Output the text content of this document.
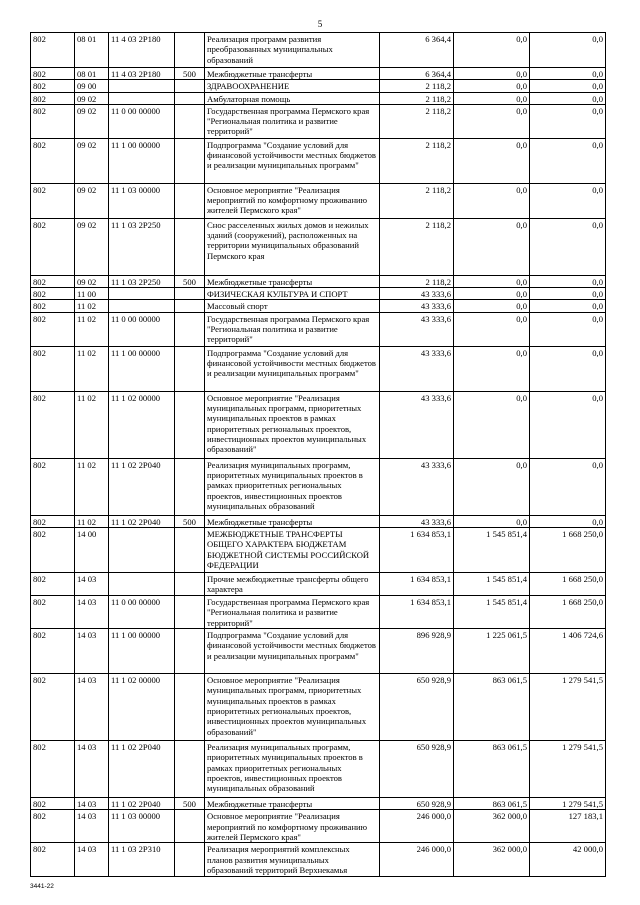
5
802	08 01	11 4 03 2Р180		Реализация программ развития преобразованных муниципальных образований	6 364,4	0,0	0,0
802	08 01	11 4 03 2Р180	500	Межбюджетные трансферты	6 364,4	0,0	0,0
802	09 00			ЗДРАВООХРАНЕНИЕ	2 118,2	0,0	0,0
802	09 02			Амбулаторная помощь	2 118,2	0,0	0,0
802	09 02	11 0 00 00000		Государственная программа Пермского края "Региональная политика и развитие территорий"	2 118,2	0,0	0,0
802	09 02	11 1 00 00000		Подпрограмма "Создание условий для финансовой устойчивости местных бюджетов и реализации муниципальных программ"	2 118,2	0,0	0,0
802	09 02	11 1 03 00000		Основное мероприятие "Реализация мероприятий по комфортному проживанию жителей Пермского края"	2 118,2	0,0	0,0
802	09 02	11 1 03 2Р250		Снос расселенных жилых домов и нежилых зданий (сооружений), расположенных на территории муниципальных образований Пермского края	2 118,2	0,0	0,0
802	09 02	11 1 03 2Р250	500	Межбюджетные трансферты	2 118,2	0,0	0,0
802	11 00			ФИЗИЧЕСКАЯ КУЛЬТУРА И СПОРТ	43 333,6	0,0	0,0
802	11 02			Массовый спорт	43 333,6	0,0	0,0
802	11 02	11 0 00 00000		Государственная программа Пермского края "Региональная политика и развитие территорий"	43 333,6	0,0	0,0
802	11 02	11 1 00 00000		Подпрограмма "Создание условий для финансовой устойчивости местных бюджетов и реализации муниципальных программ"	43 333,6	0,0	0,0
802	11 02	11 1 02 00000		Основное мероприятие "Реализация муниципальных программ, приоритетных муниципальных проектов в рамках приоритетных региональных проектов, инвестиционных проектов муниципальных образований"	43 333,6	0,0	0,0
802	11 02	11 1 02 2Р040		Реализация муниципальных программ, приоритетных муниципальных проектов в рамках приоритетных региональных проектов, инвестиционных проектов муниципальных образований	43 333,6	0,0	0,0
802	11 02	11 1 02 2Р040	500	Межбюджетные трансферты	43 333,6	0,0	0,0
802	14 00			МЕЖБЮДЖЕТНЫЕ ТРАНСФЕРТЫ ОБЩЕГО ХАРАКТЕРА БЮДЖЕТАМ БЮДЖЕТНОЙ СИСТЕМЫ РОССИЙСКОЙ ФЕДЕРАЦИИ	1 634 853,1	1 545 851,4	1 668 250,0
802	14 03			Прочие межбюджетные трансферты общего характера	1 634 853,1	1 545 851,4	1 668 250,0
802	14 03	11 0 00 00000		Государственная программа Пермского края "Региональная политика и развитие территорий"	1 634 853,1	1 545 851,4	1 668 250,0
802	14 03	11 1 00 00000		Подпрограмма "Создание условий для финансовой устойчивости местных бюджетов и реализации муниципальных программ"	896 928,9	1 225 061,5	1 406 724,6
802	14 03	11 1 02 00000		Основное мероприятие "Реализация муниципальных программ, приоритетных муниципальных проектов в рамках приоритетных региональных проектов, инвестиционных проектов муниципальных образований"	650 928,9	863 061,5	1 279 541,5
802	14 03	11 1 02 2Р040		Реализация муниципальных программ, приоритетных муниципальных проектов в рамках приоритетных региональных проектов, инвестиционных проектов муниципальных образований	650 928,9	863 061,5	1 279 541,5
802	14 03	11 1 02 2Р040	500	Межбюджетные трансферты	650 928,9	863 061,5	1 279 541,5
802	14 03	11 1 03 00000		Основное мероприятие "Реализация мероприятий по комфортному проживанию жителей Пермского края"	246 000,0	362 000,0	127 183,1
802	14 03	11 1 03 2Р310		Реализация мероприятий комплексных планов развития муниципальных образований территорий Верхнекамья	246 000,0	362 000,0	42 000,0
3441-22
